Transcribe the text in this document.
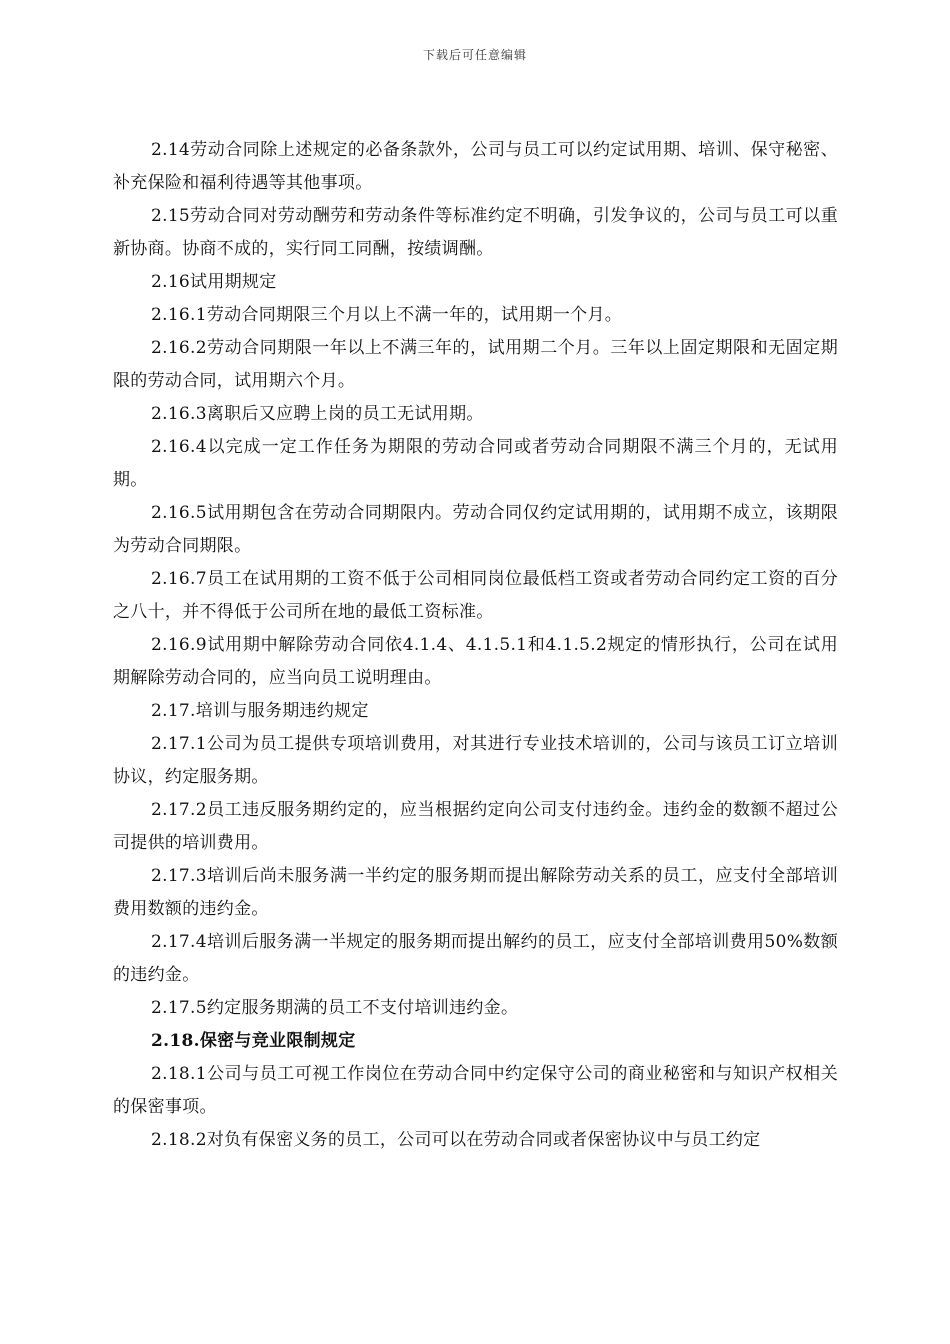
下载后可任意编辑

2.14劳动合同除上述规定的必备条款外，公司与员工可以约定试用期、培训、保守秘密、补充保险和福利待遇等其他事项。

2.15劳动合同对劳动酬劳和劳动条件等标准约定不明确，引发争议的，公司与员工可以重新协商。协商不成的，实行同工同酬，按绩调酬。

2.16试用期规定

2.16.1劳动合同期限三个月以上不满一年的，试用期一个月。

2.16.2劳动合同期限一年以上不满三年的，试用期二个月。三年以上固定期限和无固定期限的劳动合同，试用期六个月。

2.16.3离职后又应聘上岗的员工无试用期。

2.16.4以完成一定工作任务为期限的劳动合同或者劳动合同期限不满三个月的，无试用期。

2.16.5试用期包含在劳动合同期限内。劳动合同仅约定试用期的，试用期不成立，该期限为劳动合同期限。

2.16.7员工在试用期的工资不低于公司相同岗位最低档工资或者劳动合同约定工资的百分之八十，并不得低于公司所在地的最低工资标准。

2.16.9试用期中解除劳动合同依4.1.4、4.1.5.1和4.1.5.2规定的情形执行，公司在试用期解除劳动合同的，应当向员工说明理由。

2.17.培训与服务期违约规定

2.17.1公司为员工提供专项培训费用，对其进行专业技术培训的，公司与该员工订立培训协议，约定服务期。

2.17.2员工违反服务期约定的，应当根据约定向公司支付违约金。违约金的数额不超过公司提供的培训费用。

2.17.3培训后尚未服务满一半约定的服务期而提出解除劳动关系的员工，应支付全部培训费用数额的违约金。

2.17.4培训后服务满一半规定的服务期而提出解约的员工，应支付全部培训费用50%数额的违约金。

2.17.5约定服务期满的员工不支付培训违约金。

2.18.保密与竞业限制规定

2.18.1公司与员工可视工作岗位在劳动合同中约定保守公司的商业秘密和与知识产权相关的保密事项。

2.18.2对负有保密义务的员工，公司可以在劳动合同或者保密协议中与员工约定
